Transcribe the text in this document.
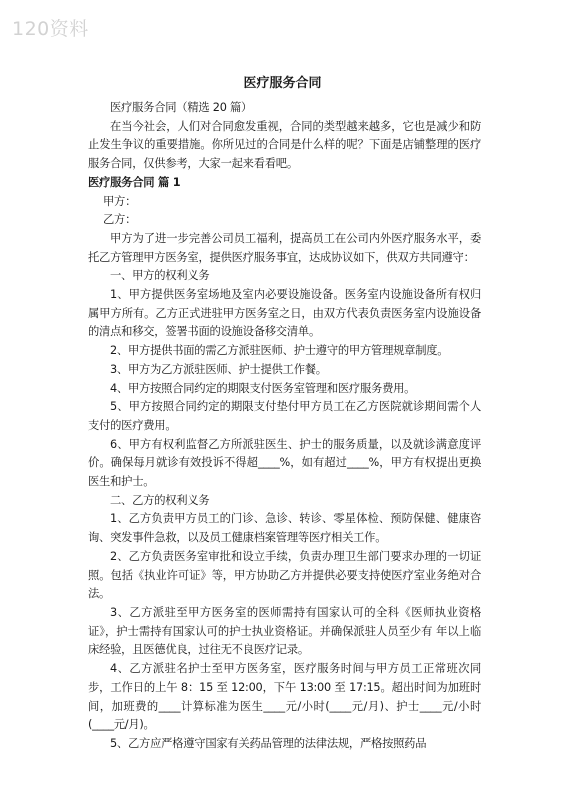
120资料
医疗服务合同

医疗服务合同（精选 20 篇）

在当今社会，人们对合同愈发重视，合同的类型越来越多，它也是减少和防止发生争议的重要措施。你所见过的合同是什么样的呢？下面是店铺整理的医疗服务合同，仅供参考，大家一起来看看吧。

医疗服务合同 篇 1

甲方：

乙方：

甲方为了进一步完善公司员工福利，提高员工在公司内外医疗服务水平，委托乙方管理甲方医务室，提供医疗服务事宜，达成协议如下，供双方共同遵守：

一、甲方的权利义务

1、甲方提供医务室场地及室内必要设施设备。医务室内设施设备所有权归属甲方所有。乙方正式进驻甲方医务室之日，由双方代表负责医务室内设施设备的清点和移交，签署书面的设施设备移交清单。

2、甲方提供书面的需乙方派驻医师、护士遵守的甲方管理规章制度。

3、甲方为乙方派驻医师、护士提供工作餐。

4、甲方按照合同约定的期限支付医务室管理和医疗服务费用。

5、甲方按照合同约定的期限支付垫付甲方员工在乙方医院就诊期间需个人支付的医疗费用。

6、甲方有权利监督乙方所派驻医生、护士的服务质量，以及就诊满意度评价。确保每月就诊有效投诉不得超____%，如有超过____%，甲方有权提出更换医生和护士。

二、乙方的权利义务

1、乙方负责甲方员工的门诊、急诊、转诊、零星体检、预防保健、健康咨询、突发事件急救，以及员工健康档案管理等医疗相关工作。

2、乙方负责医务室审批和设立手续，负责办理卫生部门要求办理的一切证照。包括《执业许可证》等，甲方协助乙方并提供必要支持使医疗室业务绝对合法。

3、乙方派驻至甲方医务室的医师需持有国家认可的全科《医师执业资格证》，护士需持有国家认可的护士执业资格证。并确保派驻人员至少有 年以上临床经验，且医德优良，过往无不良医疗记录。

4、乙方派驻名护士至甲方医务室，医疗服务时间与甲方员工正常班次同步，工作日的上午 8：15 至 12:00，下午 13:00 至 17:15。超出时间为加班时间，加班费的____计算标准为医生____元/小时(____元/月)、护士____元/小时(____元/月)。

5、乙方应严格遵守国家有关药品管理的法律法规，严格按照药品
